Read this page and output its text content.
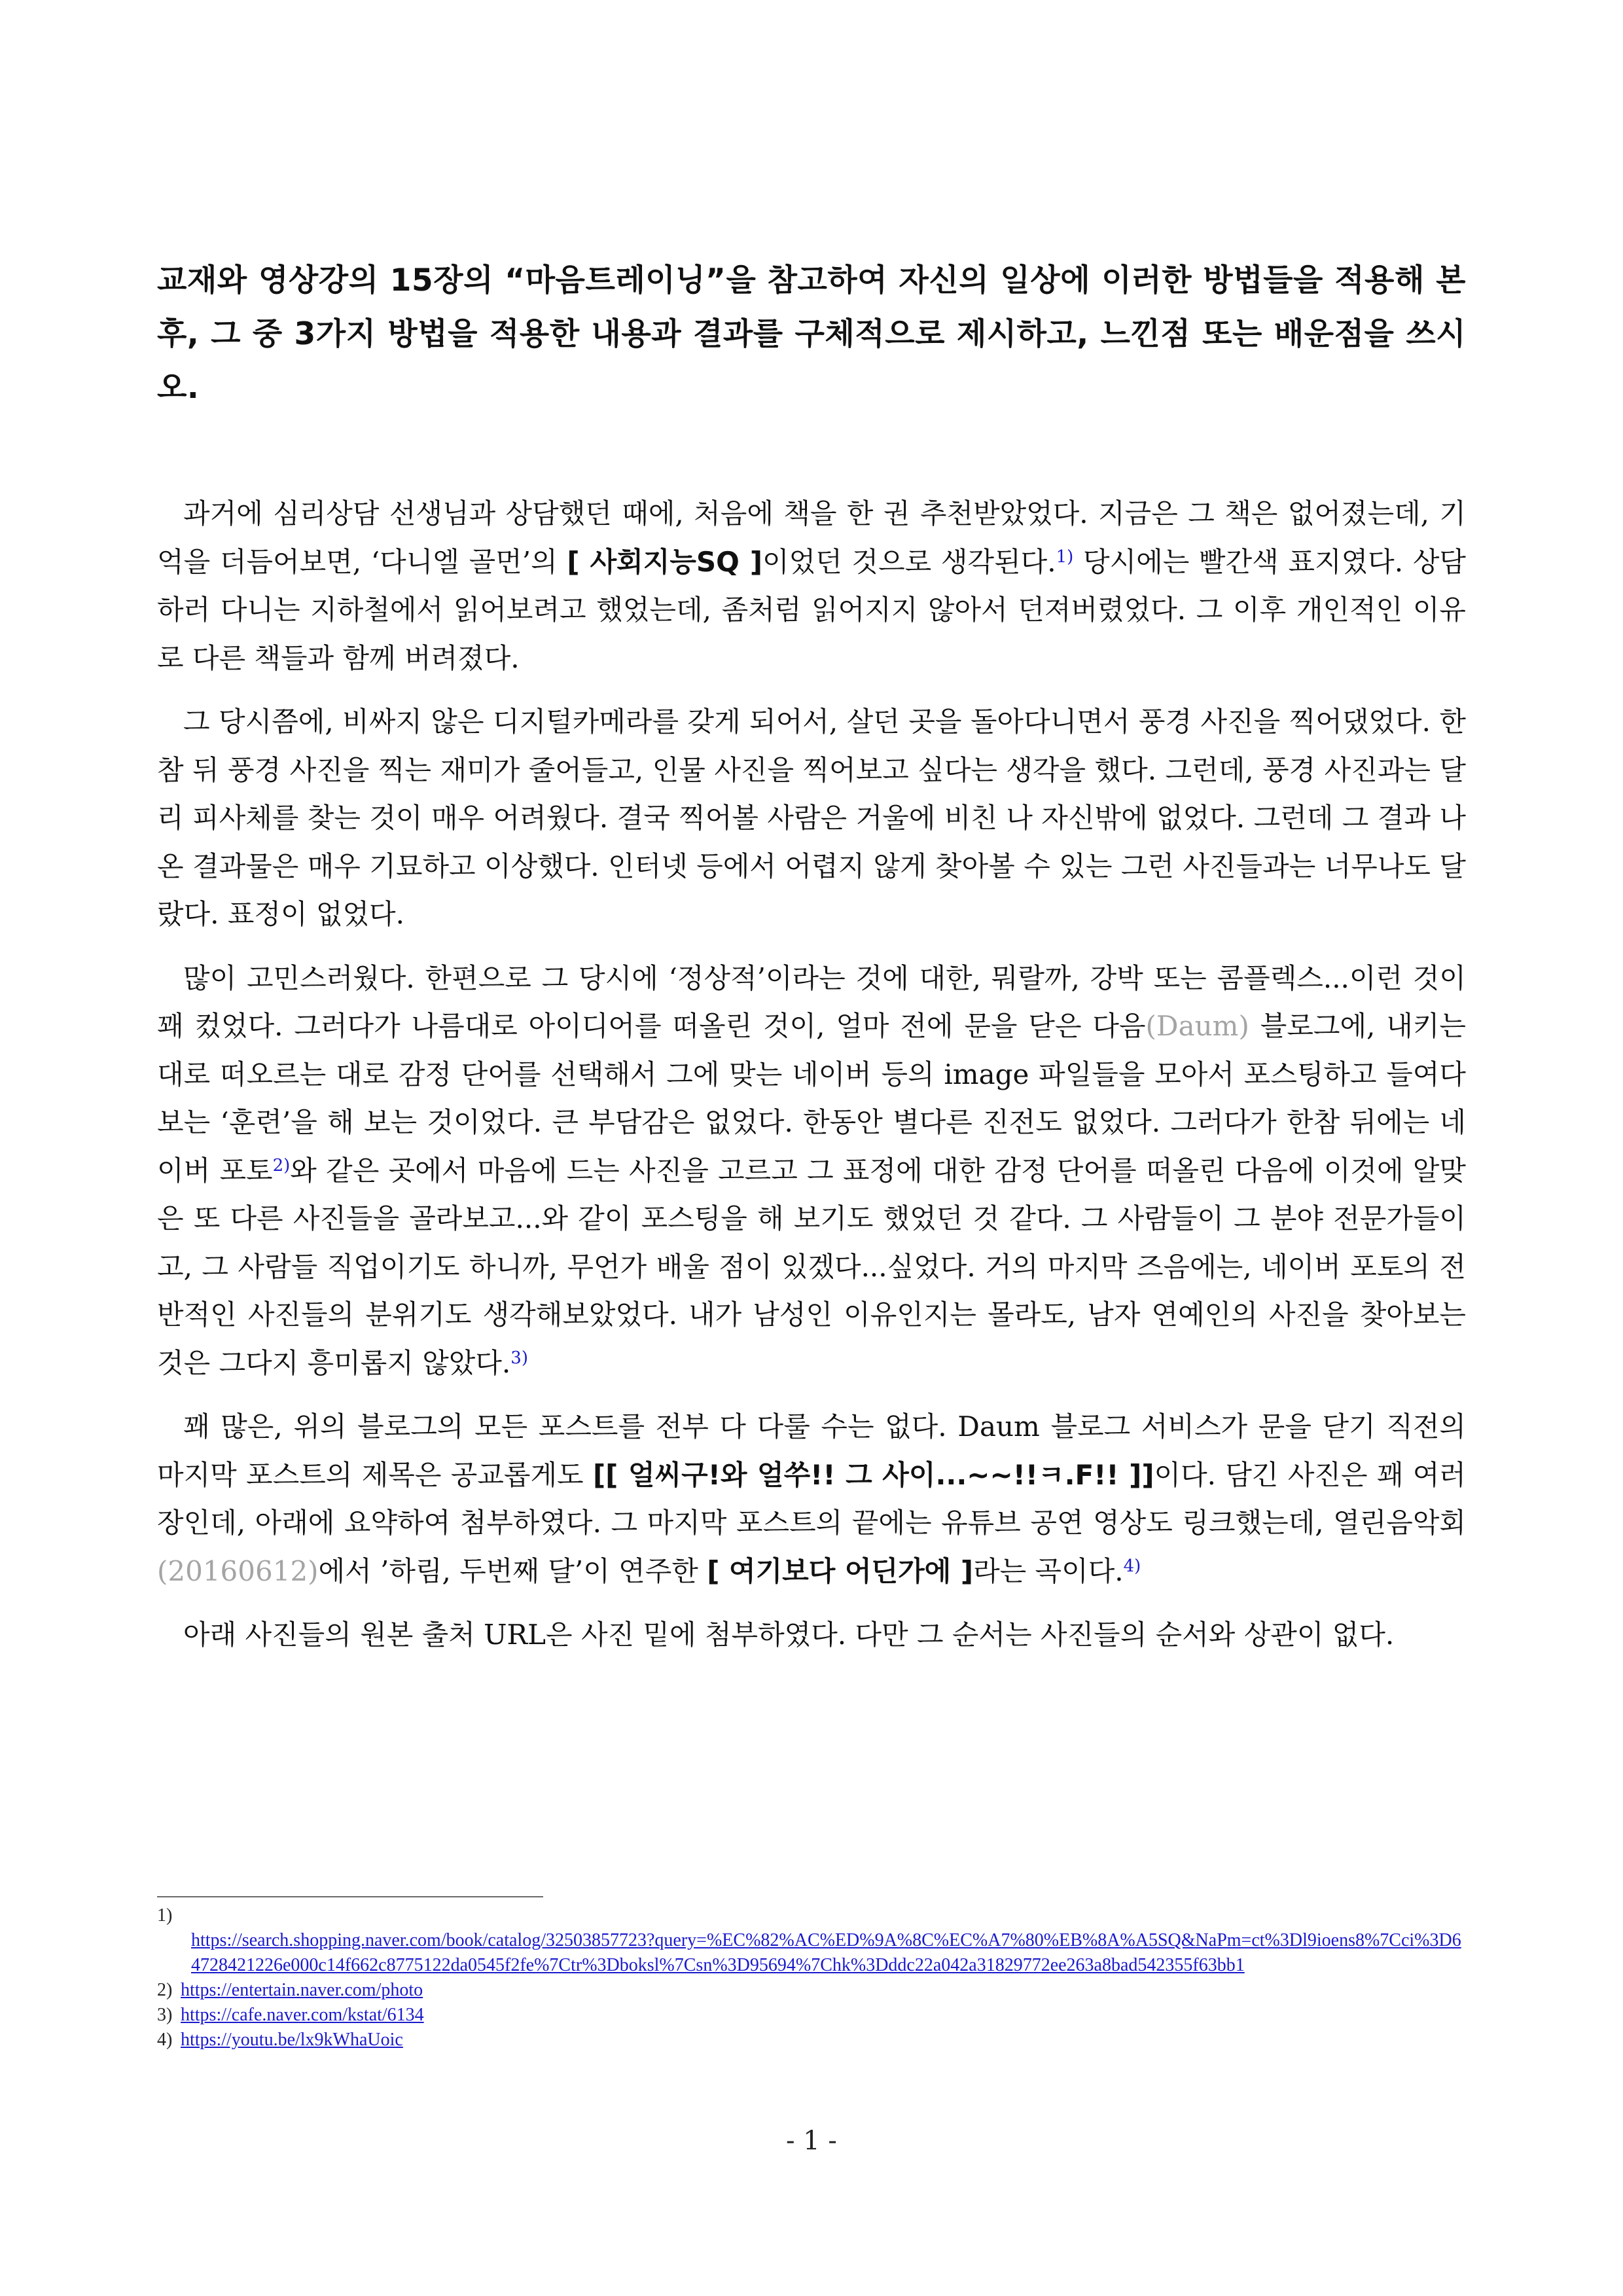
교재와 영상강의 15장의 “마음트레이닝”을 참고하여 자신의 일상에 이러한 방법들을 적용해 본 후, 그 중 3가지 방법을 적용한 내용과 결과를 구체적으로 제시하고, 느낀점 또는 배운점을 쓰시오.

과거에 심리상담 선생님과 상담했던 때에, 처음에 책을 한 권 추천받았었다. 지금은 그 책은 없어졌는데, 기억을 더듬어보면, ‘다니엘 골먼’의 [ 사회지능SQ ]이었던 것으로 생각된다.$^{1)}$ 당시에는 빨간색 표지였다. 상담하러 다니는 지하철에서 읽어보려고 했었는데, 좀처럼 읽어지지 않아서 던져버렸었다. 그 이후 개인적인 이유로 다른 책들과 함께 버려졌다.

그 당시쯤에, 비싸지 않은 디지털카메라를 갖게 되어서, 살던 곳을 돌아다니면서 풍경 사진을 찍어댔었다. 한참 뒤 풍경 사진을 찍는 재미가 줄어들고, 인물 사진을 찍어보고 싶다는 생각을 했다. 그런데, 풍경 사진과는 달리 피사체를 찾는 것이 매우 어려웠다. 결국 찍어볼 사람은 거울에 비친 나 자신밖에 없었다. 그런데 그 결과 나온 결과물은 매우 기묘하고 이상했다. 인터넷 등에서 어렵지 않게 찾아볼 수 있는 그런 사진들과는 너무나도 달랐다. 표정이 없었다.

많이 고민스러웠다. 한편으로 그 당시에 ‘정상적’이라는 것에 대한, 뭐랄까, 강박 또는 콤플렉스...이런 것이 꽤 컸었다. 그러다가 나름대로 아이디어를 떠올린 것이, 얼마 전에 문을 닫은 다음(Daum) 블로그에, 내키는 대로 떠오르는 대로 감정 단어를 선택해서 그에 맞는 네이버 등의 image 파일들을 모아서 포스팅하고 들여다보는 ‘훈련’을 해 보는 것이었다. 큰 부담감은 없었다. 한동안 별다른 진전도 없었다. 그러다가 한참 뒤에는 네이버 포토$^{2)}$와 같은 곳에서 마음에 드는 사진을 고르고 그 표정에 대한 감정 단어를 떠올린 다음에 이것에 알맞은 또 다른 사진들을 골라보고...와 같이 포스팅을 해 보기도 했었던 것 같다. 그 사람들이 그 분야 전문가들이고, 그 사람들 직업이기도 하니까, 무언가 배울 점이 있겠다...싶었다. 거의 마지막 즈음에는, 네이버 포토의 전반적인 사진들의 분위기도 생각해보았었다. 내가 남성인 이유인지는 몰라도, 남자 연예인의 사진을 찾아보는 것은 그다지 흥미롭지 않았다.$^{3)}$

꽤 많은, 위의 블로그의 모든 포스트를 전부 다 다룰 수는 없다. Daum 블로그 서비스가 문을 닫기 직전의 마지막 포스트의 제목은 공교롭게도 [[ 얼씨구!와 얼쑤!! 그 사이...~~!!ㅋ.F!! ]]이다. 담긴 사진은 꽤 여러 장인데, 아래에 요약하여 첨부하였다. 그 마지막 포스트의 끝에는 유튜브 공연 영상도 링크했는데, 열린음악회(20160612)에서 ’하림, 두번째 달’이 연주한 [ 여기보다 어딘가에 ]라는 곡이다.$^{4)}$

아래 사진들의 원본 출처 URL은 사진 밑에 첨부하였다. 다만 그 순서는 사진들의 순서와 상관이 없다.

1)
https://search.shopping.naver.com/book/catalog/32503857723?query=%EC%82%AC%ED%9A%8C%EC%A7%80%EB%8A%A5SQ&NaPm=ct%3Dl9ioens8%7Cci%3D64728421226e000c14f662c8775122da0545f2fe%7Ctr%3Dboksl%7Csn%3D95694%7Chk%3Dddc22a042a31829772ee263a8bad542355f63bb1
2) https://entertain.naver.com/photo
3) https://cafe.naver.com/kstat/6134
4) https://youtu.be/lx9kWhaUoic
- 1 -
